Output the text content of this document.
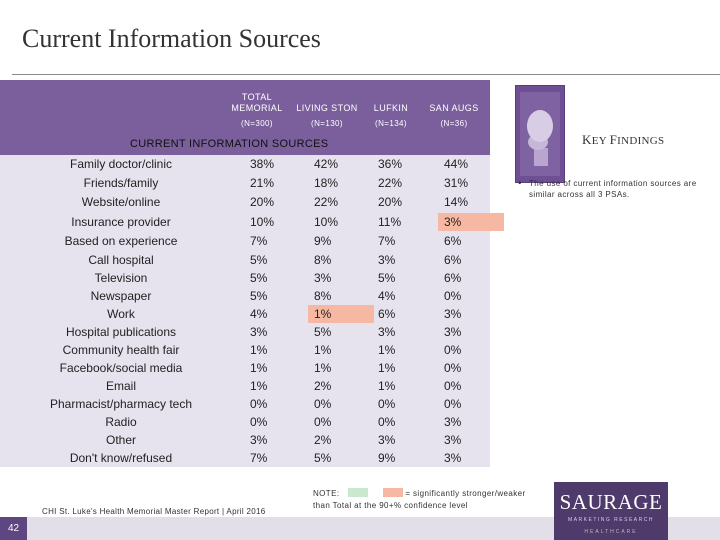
Current Information Sources
TOTAL MEMORIAL
(N=300)
LIVING STON
(N=130)
LUFKIN
(N=134)
SAN AUGS
(N=36)
CURRENT INFORMATION SOURCES
Family doctor/clinic	38%	42%	36%	44%
Friends/family	21%	18%	22%	31%
Website/online	20%	22%	20%	14%
Insurance provider	10%	10%	11%	3%
Based on experience	7%	9%	7%	6%
Call hospital	5%	8%	3%	6%
Television	5%	3%	5%	6%
Newspaper	5%	8%	4%	0%
Work	4%	1%	6%	3%
Hospital publications	3%	5%	3%	3%
Community health fair	1%	1%	1%	0%
Facebook/social media	1%	1%	1%	0%
Email	1%	2%	1%	0%
Pharmacist/pharmacy tech	0%	0%	0%	0%
Radio	0%	0%	0%	3%
Other	3%	2%	3%	3%
Don't know/refused	7%	5%	9%	3%
KEY FINDINGS
• The use of current information sources are similar across all 3 PSAs.
42
CHI St. Luke's Health Memorial Master Report | April 2016
NOTE:	= significantly stronger/weaker
than Total at the 90+% confidence level	SAURAGE
MARKETING RESEARCH
HEALTHCARE
